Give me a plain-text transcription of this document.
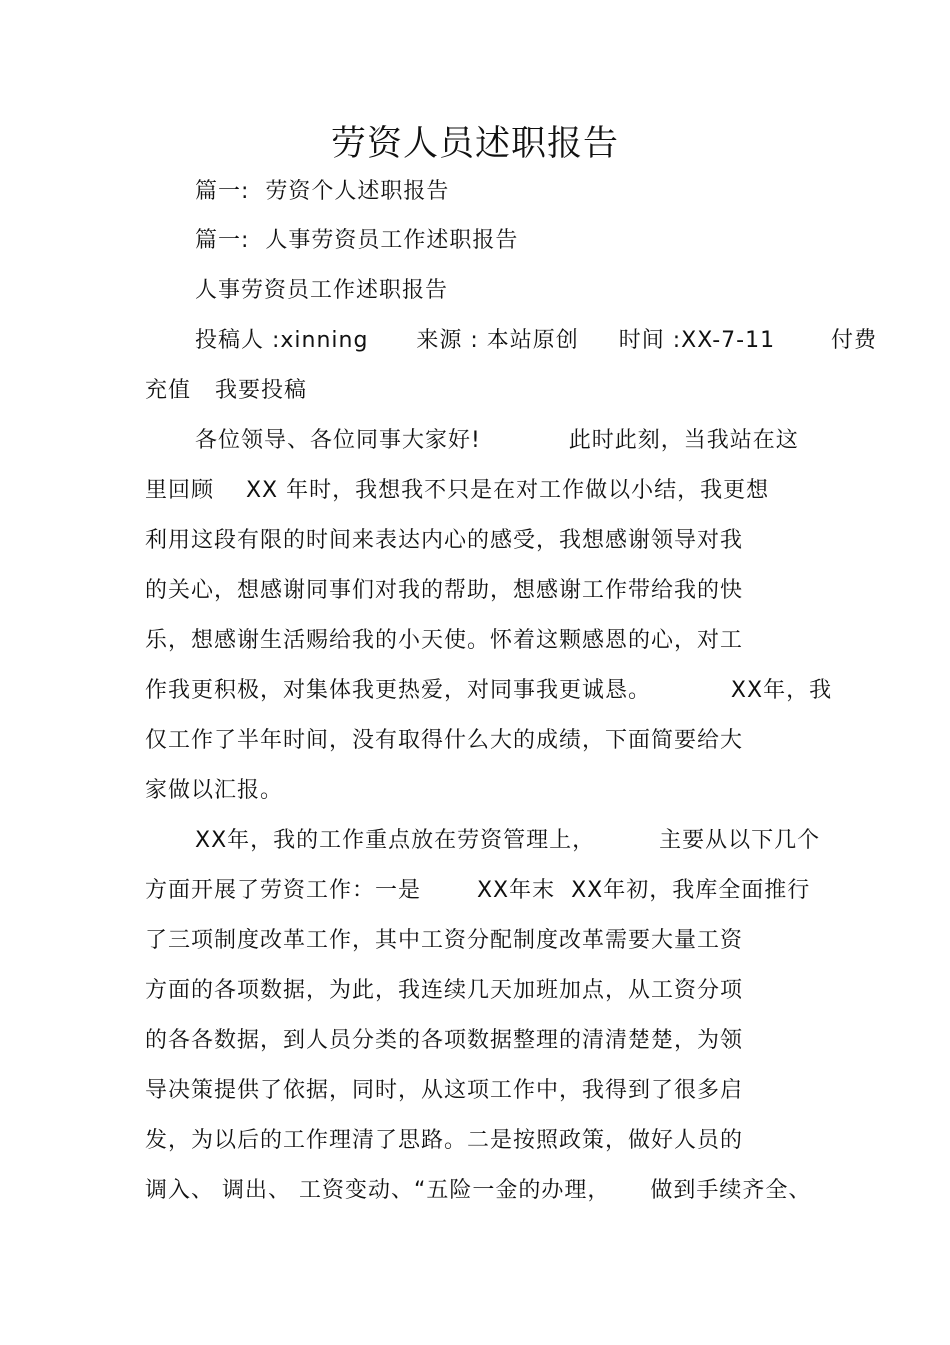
劳资人员述职报告
篇一:  劳资个人述职报告
篇一:  人事劳资员工作述职报告
人事劳资员工作述职报告
投稿人 :xinning      来源 : 本站原创     时间 :XX-7-11       付费
充值   我要投稿
各位领导、各位同事大家好!           此时此刻，当我站在这
里回顾    XX 年时，我想我不只是在对工作做以小结，我更想
利用这段有限的时间来表达内心的感受，我想感谢领导对我
的关心，想感谢同事们对我的帮助，想感谢工作带给我的快
乐，想感谢生活赐给我的小天使。怀着这颗感恩的心，对工
作我更积极，对集体我更热爱，对同事我更诚恳。          XX年，我
仅工作了半年时间，没有取得什么大的成绩，下面简要给大
家做以汇报。
XX年，我的工作重点放在劳资管理上，        主要从以下几个
方面开展了劳资工作：一是       XX年末  XX年初，我库全面推行
了三项制度改革工作，其中工资分配制度改革需要大量工资
方面的各项数据，为此，我连续几天加班加点，从工资分项
的各各数据，到人员分类的各项数据整理的清清楚楚，为领
导决策提供了依据，同时，从这项工作中，我得到了很多启
发，为以后的工作理清了思路。二是按照政策，做好人员的
调入、 调出、 工资变动、“五险一金的办理，     做到手续齐全、
